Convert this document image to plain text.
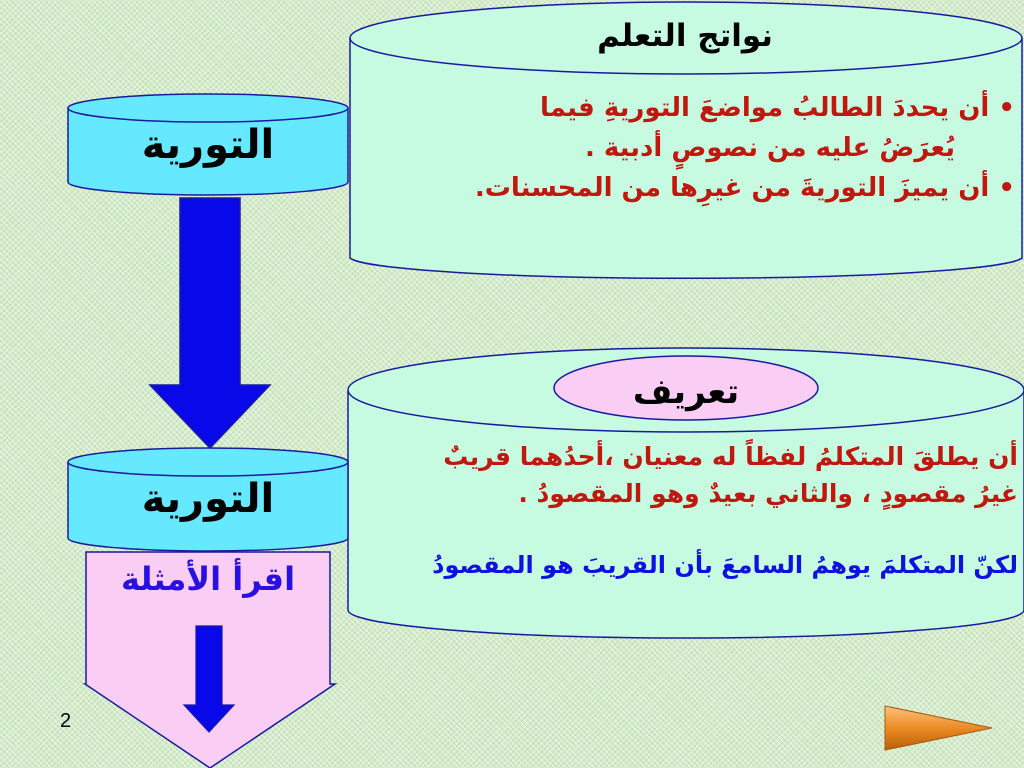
نواتج التعلم

• أن يحددَ الطالبُ مواضعَ التوريةِ فيما

يُعرَضُ عليه من نصوصٍ أدبية .

• أن يميزَ التوريةَ من غيرِها من المحسنات.

التورية
تعريف
أن يطلقَ المتكلمُ لفظاً له معنيان ،أحدُهما قريبٌ
غيرُ مقصودٍ ، والثاني بعيدٌ وهو المقصودُ .
لكنّ المتكلمَ يوهمُ السامعَ بأن القريبَ هو المقصودُ
التورية
اقرأ الأمثلة
2
